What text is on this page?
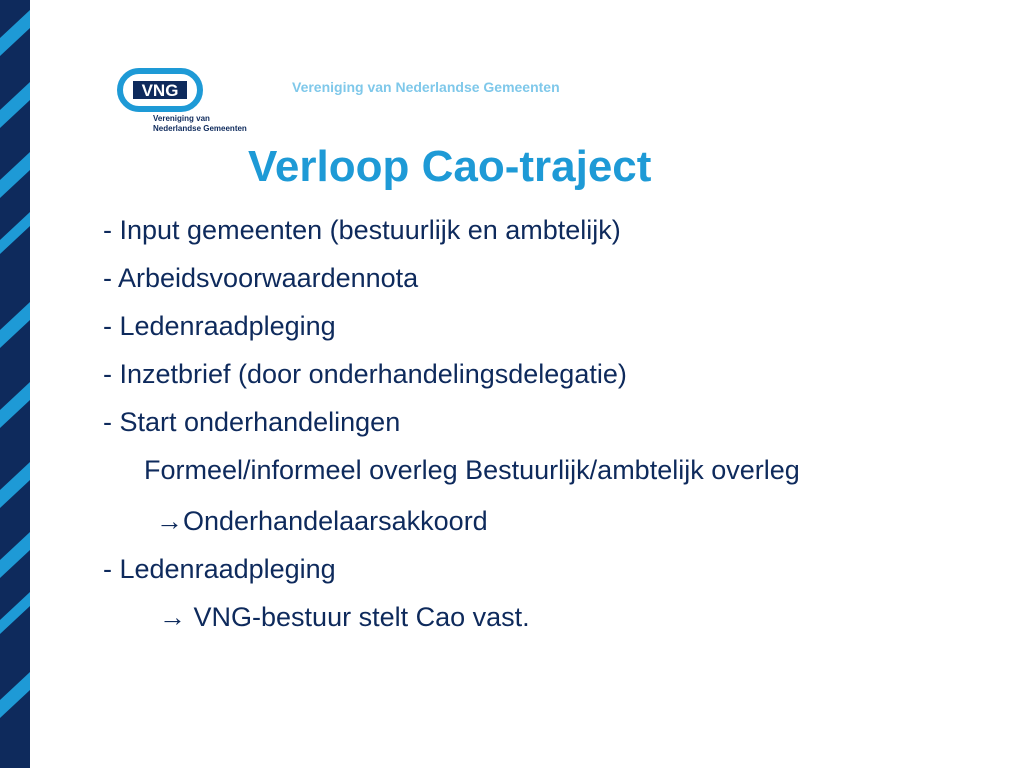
VNG
Vereniging van
Nederlandse Gemeenten
Vereniging van Nederlandse Gemeenten
Verloop Cao-traject
- Input gemeenten (bestuurlijk en ambtelijk)
- Arbeidsvoorwaardennota
- Ledenraadpleging
- Inzetbrief (door onderhandelingsdelegatie)
- Start onderhandelingen
Formeel/informeel overleg Bestuurlijk/ambtelijk overleg
→Onderhandelaarsakkoord
- Ledenraadpleging
→ VNG-bestuur stelt Cao vast.
